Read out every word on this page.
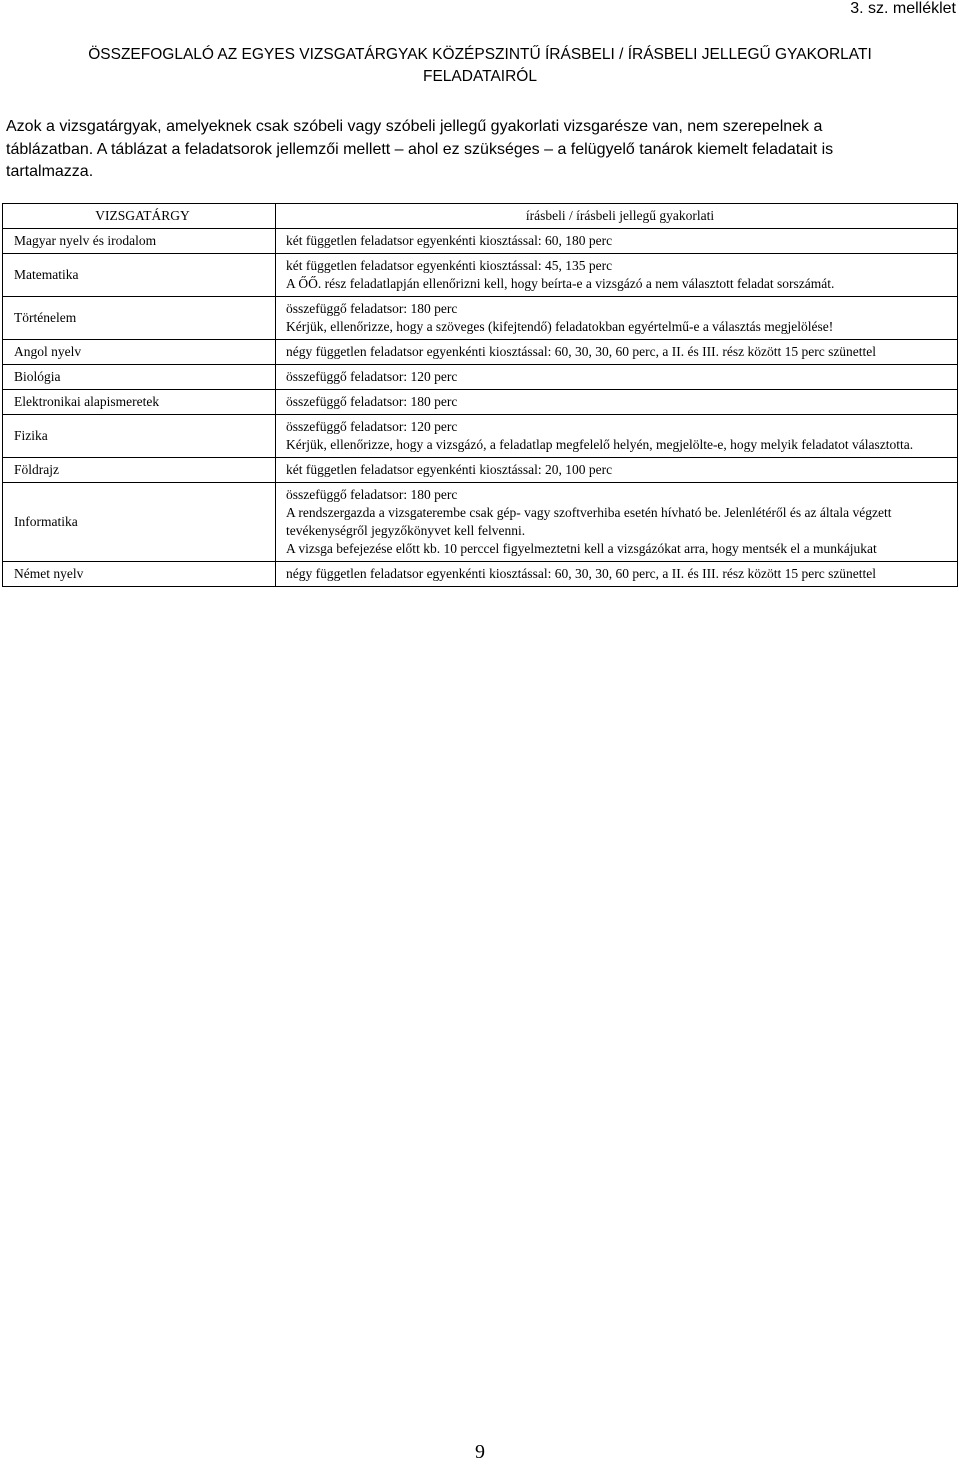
3. sz. melléklet
ÖSSZEFOGLALÓ AZ EGYES VIZSGATÁRGYAK KÖZÉPSZINTŰ ÍRÁSBELI / ÍRÁSBELI JELLEGŰ GYAKORLATI
FELADATAIRÓL

Azok a vizsgatárgyak, amelyeknek csak szóbeli vagy szóbeli jellegű gyakorlati vizsgarésze van, nem szerepelnek a táblázatban. A táblázat a feladatsorok jellemzői mellett – ahol ez szükséges – a felügyelő tanárok kiemelt feladatait is tartalmazza.

VIZSGATÁRGY	írásbeli / írásbeli jellegű gyakorlati
Magyar nyelv és irodalom	két független feladatsor egyenkénti kiosztással: 60, 180 perc

Matematika	két független feladatsor egyenkénti kiosztással: 45, 135 perc
A ŐŐ. rész feladatlapján ellenőrizni kell, hogy beírta-e a vizsgázó a nem választott feladat sorszámát.

Történelem	összefüggő feladatsor: 180 perc
Kérjük, ellenőrizze, hogy a szöveges (kifejtendő) feladatokban egyértelmű-e a választás megjelölése!

Angol nyelv	négy független feladatsor egyenkénti kiosztással: 60, 30, 30, 60 perc, a II. és III. rész között 15 perc szünettel

Biológia	összefüggő feladatsor: 120 perc

Elektronikai alapismeretek	összefüggő feladatsor: 180 perc

Fizika	összefüggő feladatsor: 120 perc
Kérjük, ellenőrizze, hogy a vizsgázó, a feladatlap megfelelő helyén, megjelölte-e, hogy melyik feladatot választotta.

Földrajz	két független feladatsor egyenkénti kiosztással: 20, 100 perc

Informatika	összefüggő feladatsor: 180 perc
A rendszergazda a vizsgaterembe csak gép- vagy szoftverhiba esetén hívható be. Jelenlétéről és az általa végzett tevékenységről jegyzőkönyvet kell felvenni.
A vizsga befejezése előtt kb. 10 perccel figyelmeztetni kell a vizsgázókat arra, hogy mentsék el a munkájukat

Német nyelv	négy független feladatsor egyenkénti kiosztással: 60, 30, 30, 60 perc, a II. és III. rész között 15 perc szünettel
9
